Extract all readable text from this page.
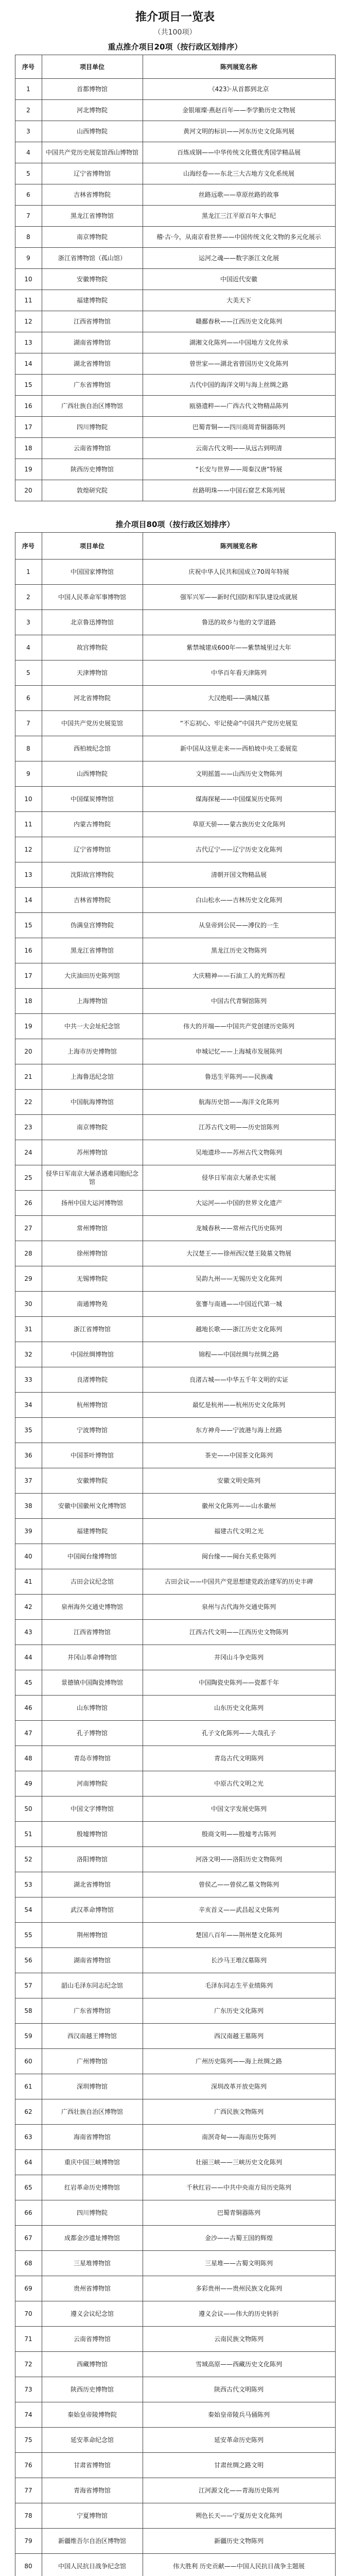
推介项目一览表
（共100项）
重点推介项目20项（按行政区划排序）
序号	项目单位	陈列展览名称
1	首都博物馆	《423》·从首都到北京
2	河北博物院	金银璀璨·燕赵百年——李学勤历史文物展
3	山西博物院	黄河文明的标识——河东历史文化陈列展
4	中国共产党历史展览馆西山博物馆	百炼成钢——中华传统文化暨优秀国学精品展
5	辽宁省博物馆	山海经卷——东北三大古地方文化系统展
6	吉林省博物院	丝路远歌——草原丝路的故事
7	黑龙江省博物馆	黑龙江三江平原百年大事纪
8	南京博物院	稽·古·今，从南京看世界——中国传统文化文物的多元化展示
9	浙江省博物馆（孤山馆）	运河之魂——数字浙江文化展
10	安徽博物院	中国近代安徽
11	福建博物院	大美天下
12	江西省博物馆	赣鄱春秋——江西历史文化陈列
13	湖南省博物馆	湖湘文化陈列——中国地方文化传承
14	湖北省博物馆	曾世家——湖北省曾国历史文化陈列
15	广东省博物馆	古代中国的海洋文明与海上丝绸之路
16	广西壮族自治区博物馆	瓯骆遗粹——广西古代文物精品陈列
17	四川博物院	巴蜀青铜——四川商周青铜器陈列
18	云南省博物馆	云南古代文明——从远古到明清
19	陕西历史博物馆	“长安与世界——周秦汉唐”特展
20	敦煌研究院	丝路明珠——中国石窟艺术陈列展
推介项目80项（按行政区划排序）
序号	项目单位	陈列展览名称
1	中国国家博物馆	庆祝中华人民共和国成立70周年特展
2	中国人民革命军事博物馆	强军兴军——新时代国防和军队建设成就展
3	北京鲁迅博物馆	鲁迅的故乡与他的文学道路
4	故宫博物院	紫禁城建成600年——紫禁城里过大年
5	天津博物馆	中华百年看天津陈列
6	河北省博物院	大汉绝唱——满城汉墓
7	中国共产党历史展览馆	“不忘初心、牢记使命”中国共产党历史展览
8	西柏坡纪念馆	新中国从这里走来——西柏坡中央工委展览
9	山西博物院	文明摇篮——山西历史文物陈列
10	中国煤炭博物馆	煤海探秘——中国煤炭历史陈列
11	内蒙古博物院	草原天骄——蒙古族历史文化陈列
12	辽宁省博物馆	古代辽宁——辽宁历史文化陈列
13	沈阳故宫博物院	清朝开国文物精品展
14	吉林省博物院	白山松水——吉林历史文化陈列
15	伪满皇宫博物院	从皇帝到公民——溥仪的一生
16	黑龙江省博物馆	黑龙江历史文物陈列
17	大庆油田历史陈列馆	大庆精神——石油工人的光辉历程
18	上海博物馆	中国古代青铜馆陈列
19	中共一大会址纪念馆	伟大的开端——中国共产党创建历史陈列
20	上海市历史博物馆	申城记忆——上海城市发展陈列
21	上海鲁迅纪念馆	鲁迅生平陈列——民族魂
22	中国航海博物馆	航海历史馆——海洋文化陈列
23	南京博物院	江苏古代文明——历史馆陈列
24	苏州博物馆	吴地遗珍——苏州古代文物陈列
25	侵华日军南京大屠杀遇难同胞纪念馆	侵华日军南京大屠杀史实展
26	扬州中国大运河博物馆	大运河——中国的世界文化遗产
27	常州博物馆	龙城春秋——常州古代历史陈列
28	徐州博物馆	大汉楚王——徐州西汉楚王陵墓文物展
29	无锡博物院	吴韵九州——无锡历史文化陈列
30	南通博物苑	张謇与南通——中国近代第一城
31	浙江省博物馆	越地长歌——浙江历史文化陈列
32	中国丝绸博物馆	锦程——中国丝绸与丝绸之路
33	良渚博物院	良渚古城——中华五千年文明的实证
34	杭州博物馆	最忆是杭州——杭州历史文化陈列
35	宁波博物馆	东方神舟——宁波港与海上丝路
36	中国茶叶博物馆	茶史——中国茶文化陈列
37	安徽博物院	安徽文明史陈列
38	安徽中国徽州文化博物馆	徽州文化陈列——山水徽州
39	福建博物院	福建古代文明之光
40	中国闽台缘博物馆	闽台缘——闽台关系史陈列
41	古田会议纪念馆	古田会议——中国共产党思想建党政治建军的历史丰碑
42	泉州海外交通史博物馆	泉州与古代海外交通史陈列
43	江西省博物馆	江西古代文明——江西历史文物陈列
44	井冈山革命博物馆	井冈山斗争史陈列
45	景德镇中国陶瓷博物馆	中国陶瓷史陈列——瓷都千年
46	山东博物馆	山东历史文化陈列
47	孔子博物馆	孔子文化陈列——大哉孔子
48	青岛市博物馆	青岛古代文明陈列
49	河南博物院	中原古代文明之光
50	中国文字博物馆	中国文字发展史陈列
51	殷墟博物馆	殷商文明——殷墟考古陈列
52	洛阳博物馆	河洛文明——洛阳历史文物陈列
53	湖北省博物馆	曾侯乙——曾侯乙墓文物陈列
54	武汉革命博物馆	辛亥首义——武昌起义史陈列
55	荆州博物馆	楚国八百年——荆州楚文化陈列
56	湖南省博物馆	长沙马王堆汉墓陈列
57	韶山毛泽东同志纪念馆	毛泽东同志生平业绩陈列
58	广东省博物馆	广东历史文化陈列
59	西汉南越王博物馆	西汉南越王墓陈列
60	广州博物馆	广州历史陈列——海上丝绸之路
61	深圳博物馆	深圳改革开放史陈列
62	广西壮族自治区博物馆	广西民族文物陈列
63	海南省博物馆	南溟奇甸——海南历史陈列
64	重庆中国三峡博物馆	壮丽三峡——三峡历史文化陈列
65	红岩革命历史博物馆	千秋红岩——中共中央南方局历史陈列
66	四川博物院	巴蜀青铜器陈列
67	成都金沙遗址博物馆	金沙——古蜀王国的辉煌
68	三星堆博物馆	三星堆——古蜀文明陈列
69	贵州省博物馆	多彩贵州——贵州民族文化陈列
70	遵义会议纪念馆	遵义会议——伟大的历史转折
71	云南省博物馆	云南民族文物陈列
72	西藏博物馆	雪域高原——西藏历史文化陈列
73	陕西历史博物馆	陕西古代文明陈列
74	秦始皇帝陵博物院	秦始皇帝陵兵马俑陈列
75	延安革命纪念馆	延安革命历史陈列
76	甘肃省博物馆	甘肃丝绸之路文明
77	青海省博物馆	江河源文化——青海历史陈列
78	宁夏博物馆	朔色长天——宁夏历史文化陈列
79	新疆维吾尔自治区博物馆	新疆历史文物陈列
80	中国人民抗日战争纪念馆	伟大胜利 历史贡献——中国人民抗日战争主题展
